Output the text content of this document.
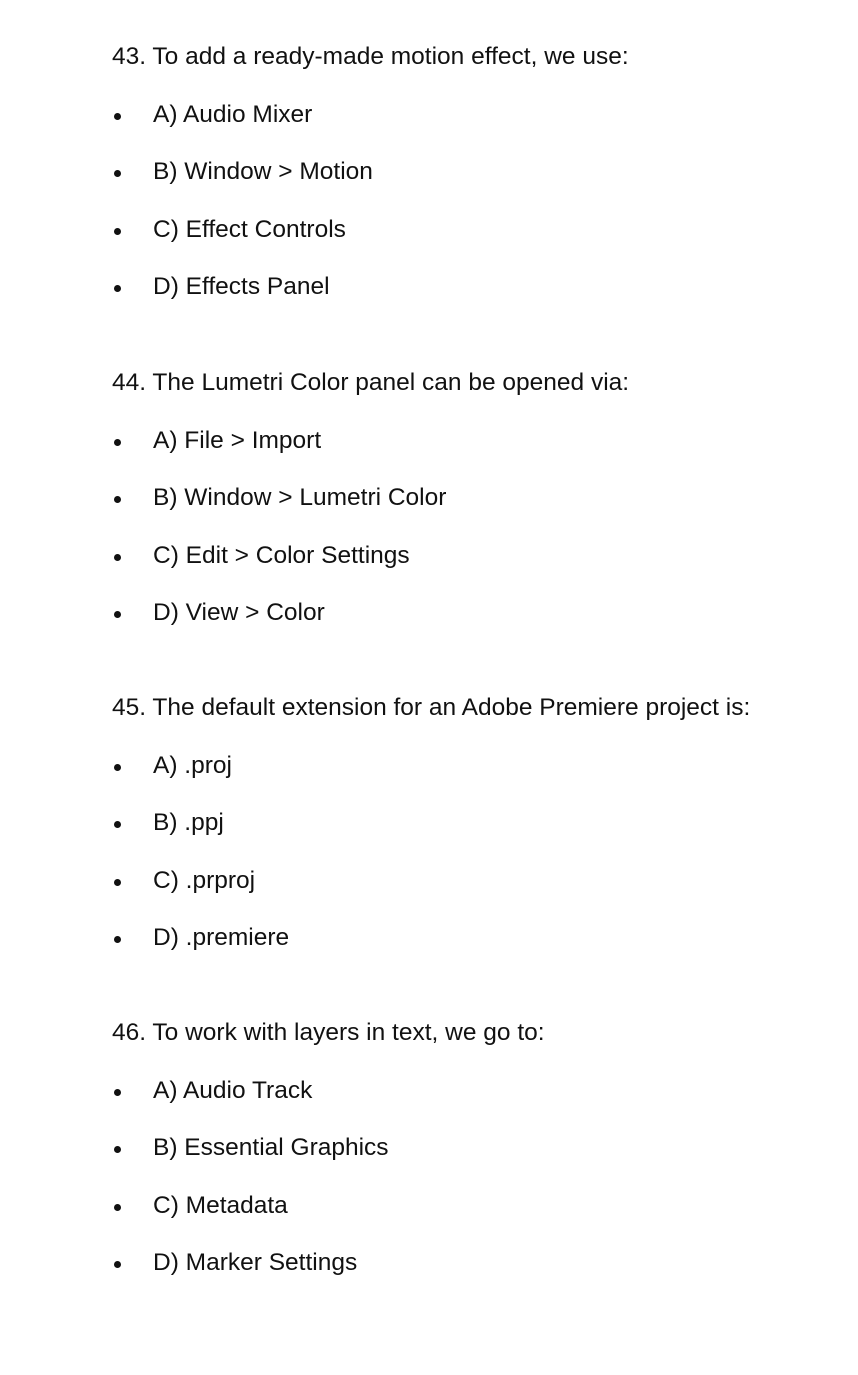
43. To add a ready-made motion effect, we use:

A) Audio Mixer
B) Window > Motion
C) Effect Controls
D) Effects Panel

44. The Lumetri Color panel can be opened via:

A) File > Import
B) Window > Lumetri Color
C) Edit > Color Settings
D) View > Color

45. The default extension for an Adobe Premiere project is:

A) .proj
B) .ppj
C) .prproj
D) .premiere

46. To work with layers in text, we go to:

A) Audio Track
B) Essential Graphics
C) Metadata
D) Marker Settings
